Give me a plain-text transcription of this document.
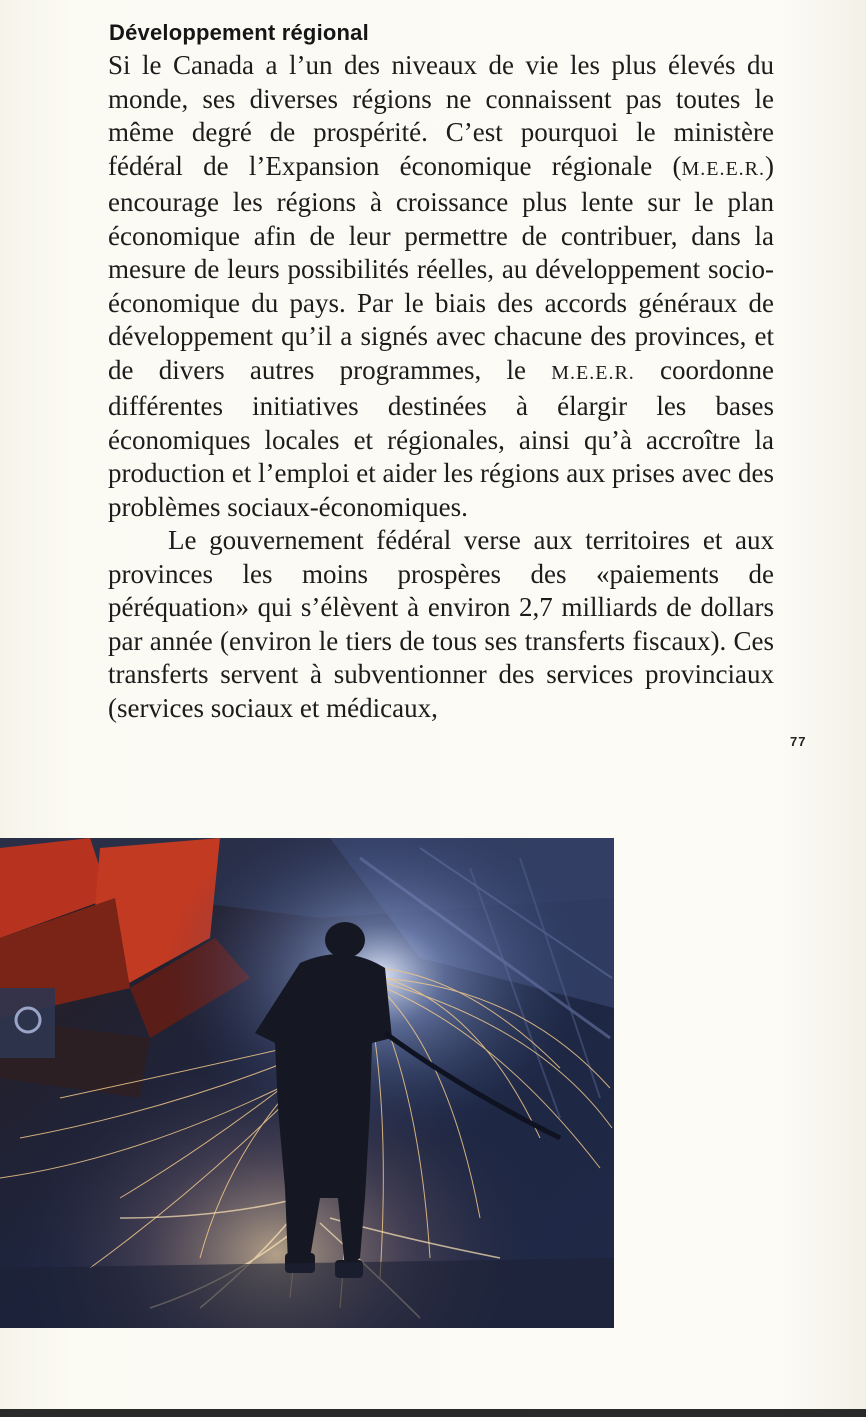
Développement régional

Si le Canada a l’un des niveaux de vie les plus élevés du monde, ses diverses régions ne connaissent pas toutes le même degré de prospérité. C’est pourquoi le ministère fédéral de l’Expansion économique régionale (M.E.E.R.) encourage les régions à croissance plus lente sur le plan économique afin de leur permettre de contribuer, dans la mesure de leurs possibilités réelles, au développement socio-économique du pays. Par le biais des accords généraux de développement qu’il a signés avec chacune des provinces, et de divers autres programmes, le M.E.E.R. coordonne différentes initiatives destinées à élargir les bases économiques locales et régionales, ainsi qu’à accroître la production et l’emploi et aider les régions aux prises avec des problèmes sociaux-économiques.

Le gouvernement fédéral verse aux territoires et aux provinces les moins prospères des «paiements de péréquation» qui s’élèvent à environ 2,7 milliards de dollars par année (environ le tiers de tous ses transferts fiscaux). Ces transferts servent à subventionner des services provinciaux (services sociaux et médicaux,

77
